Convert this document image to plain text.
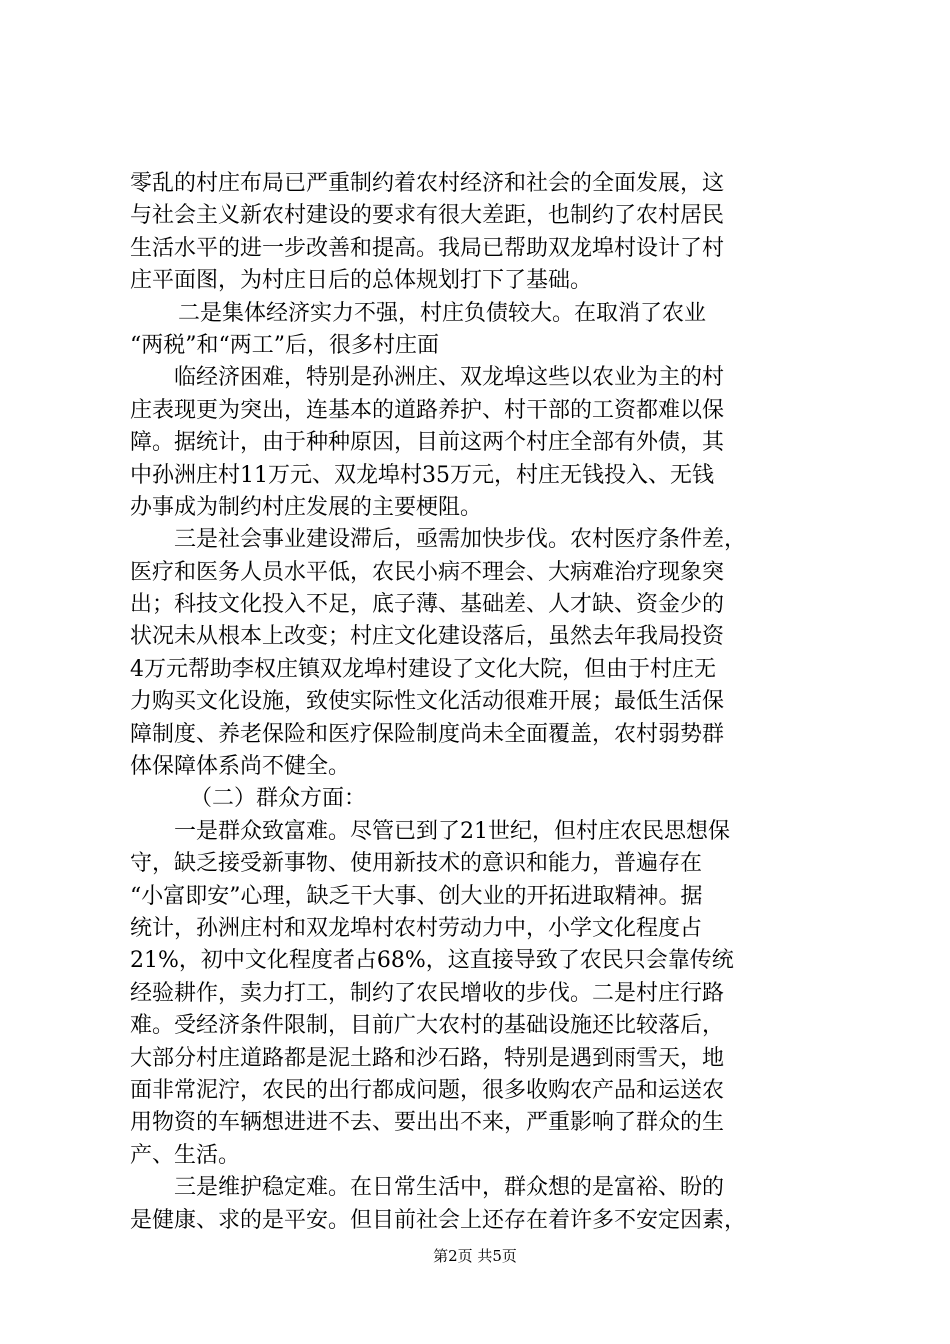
零乱的村庄布局已严重制约着农村经济和社会的全面发展，这
与社会主义新农村建设的要求有很大差距，也制约了农村居民
生活水平的进一步改善和提高。我局已帮助双龙埠村设计了村
庄平面图，为村庄日后的总体规划打下了基础。
二是集体经济实力不强，村庄负债较大。在取消了农业
“两税”和“两工”后，很多村庄面
临经济困难，特别是孙洲庄、双龙埠这些以农业为主的村
庄表现更为突出，连基本的道路养护、村干部的工资都难以保
障。据统计，由于种种原因，目前这两个村庄全部有外债，其
中孙洲庄村11万元、双龙埠村35万元，村庄无钱投入、无钱
办事成为制约村庄发展的主要梗阻。
三是社会事业建设滞后，亟需加快步伐。农村医疗条件差，
医疗和医务人员水平低，农民小病不理会、大病难治疗现象突
出；科技文化投入不足，底子薄、基础差、人才缺、资金少的
状况未从根本上改变；村庄文化建设落后，虽然去年我局投资
4万元帮助李权庄镇双龙埠村建设了文化大院，但由于村庄无
力购买文化设施，致使实际性文化活动很难开展；最低生活保
障制度、养老保险和医疗保险制度尚未全面覆盖，农村弱势群
体保障体系尚不健全。
（二）群众方面：
一是群众致富难。尽管已到了21世纪，但村庄农民思想保
守，缺乏接受新事物、使用新技术的意识和能力，普遍存在
“小富即安”心理，缺乏干大事、创大业的开拓进取精神。据
统计，孙洲庄村和双龙埠村农村劳动力中，小学文化程度占
21%，初中文化程度者占68%，这直接导致了农民只会靠传统
经验耕作，卖力打工，制约了农民增收的步伐。二是村庄行路
难。受经济条件限制，目前广大农村的基础设施还比较落后，
大部分村庄道路都是泥土路和沙石路，特别是遇到雨雪天，地
面非常泥泞，农民的出行都成问题，很多收购农产品和运送农
用物资的车辆想进进不去、要出出不来，严重影响了群众的生
产、生活。
三是维护稳定难。在日常生活中，群众想的是富裕、盼的
是健康、求的是平安。但目前社会上还存在着许多不安定因素，
第2页 共5页
